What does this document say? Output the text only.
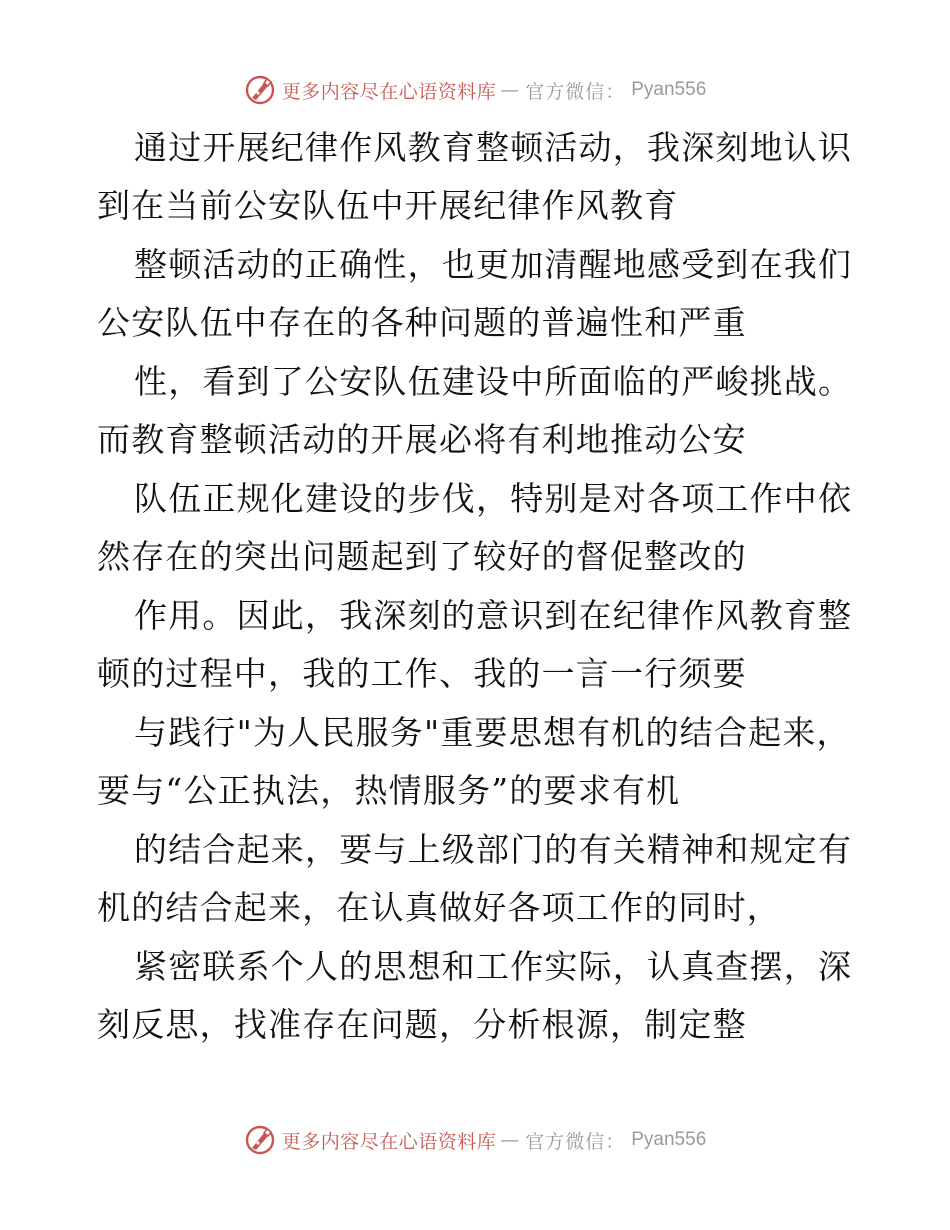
更多内容尽在心语资料库 — 官方微信： Pyan556
通过开展纪律作风教育整顿活动，我深刻地认识
到在当前公安队伍中开展纪律作风教育
整顿活动的正确性，也更加清醒地感受到在我们
公安队伍中存在的各种问题的普遍性和严重
性，看到了公安队伍建设中所面临的严峻挑战。
而教育整顿活动的开展必将有利地推动公安
队伍正规化建设的步伐，特别是对各项工作中依
然存在的突出问题起到了较好的督促整改的
作用。因此，我深刻的意识到在纪律作风教育整
顿的过程中，我的工作、我的一言一行须要
与践行"为人民服务"重要思想有机的结合起来，
要与“公正执法，热情服务”的要求有机
的结合起来，要与上级部门的有关精神和规定有
机的结合起来，在认真做好各项工作的同时，
紧密联系个人的思想和工作实际，认真查摆，深
刻反思，找准存在问题，分析根源，制定整
更多内容尽在心语资料库 — 官方微信： Pyan556
